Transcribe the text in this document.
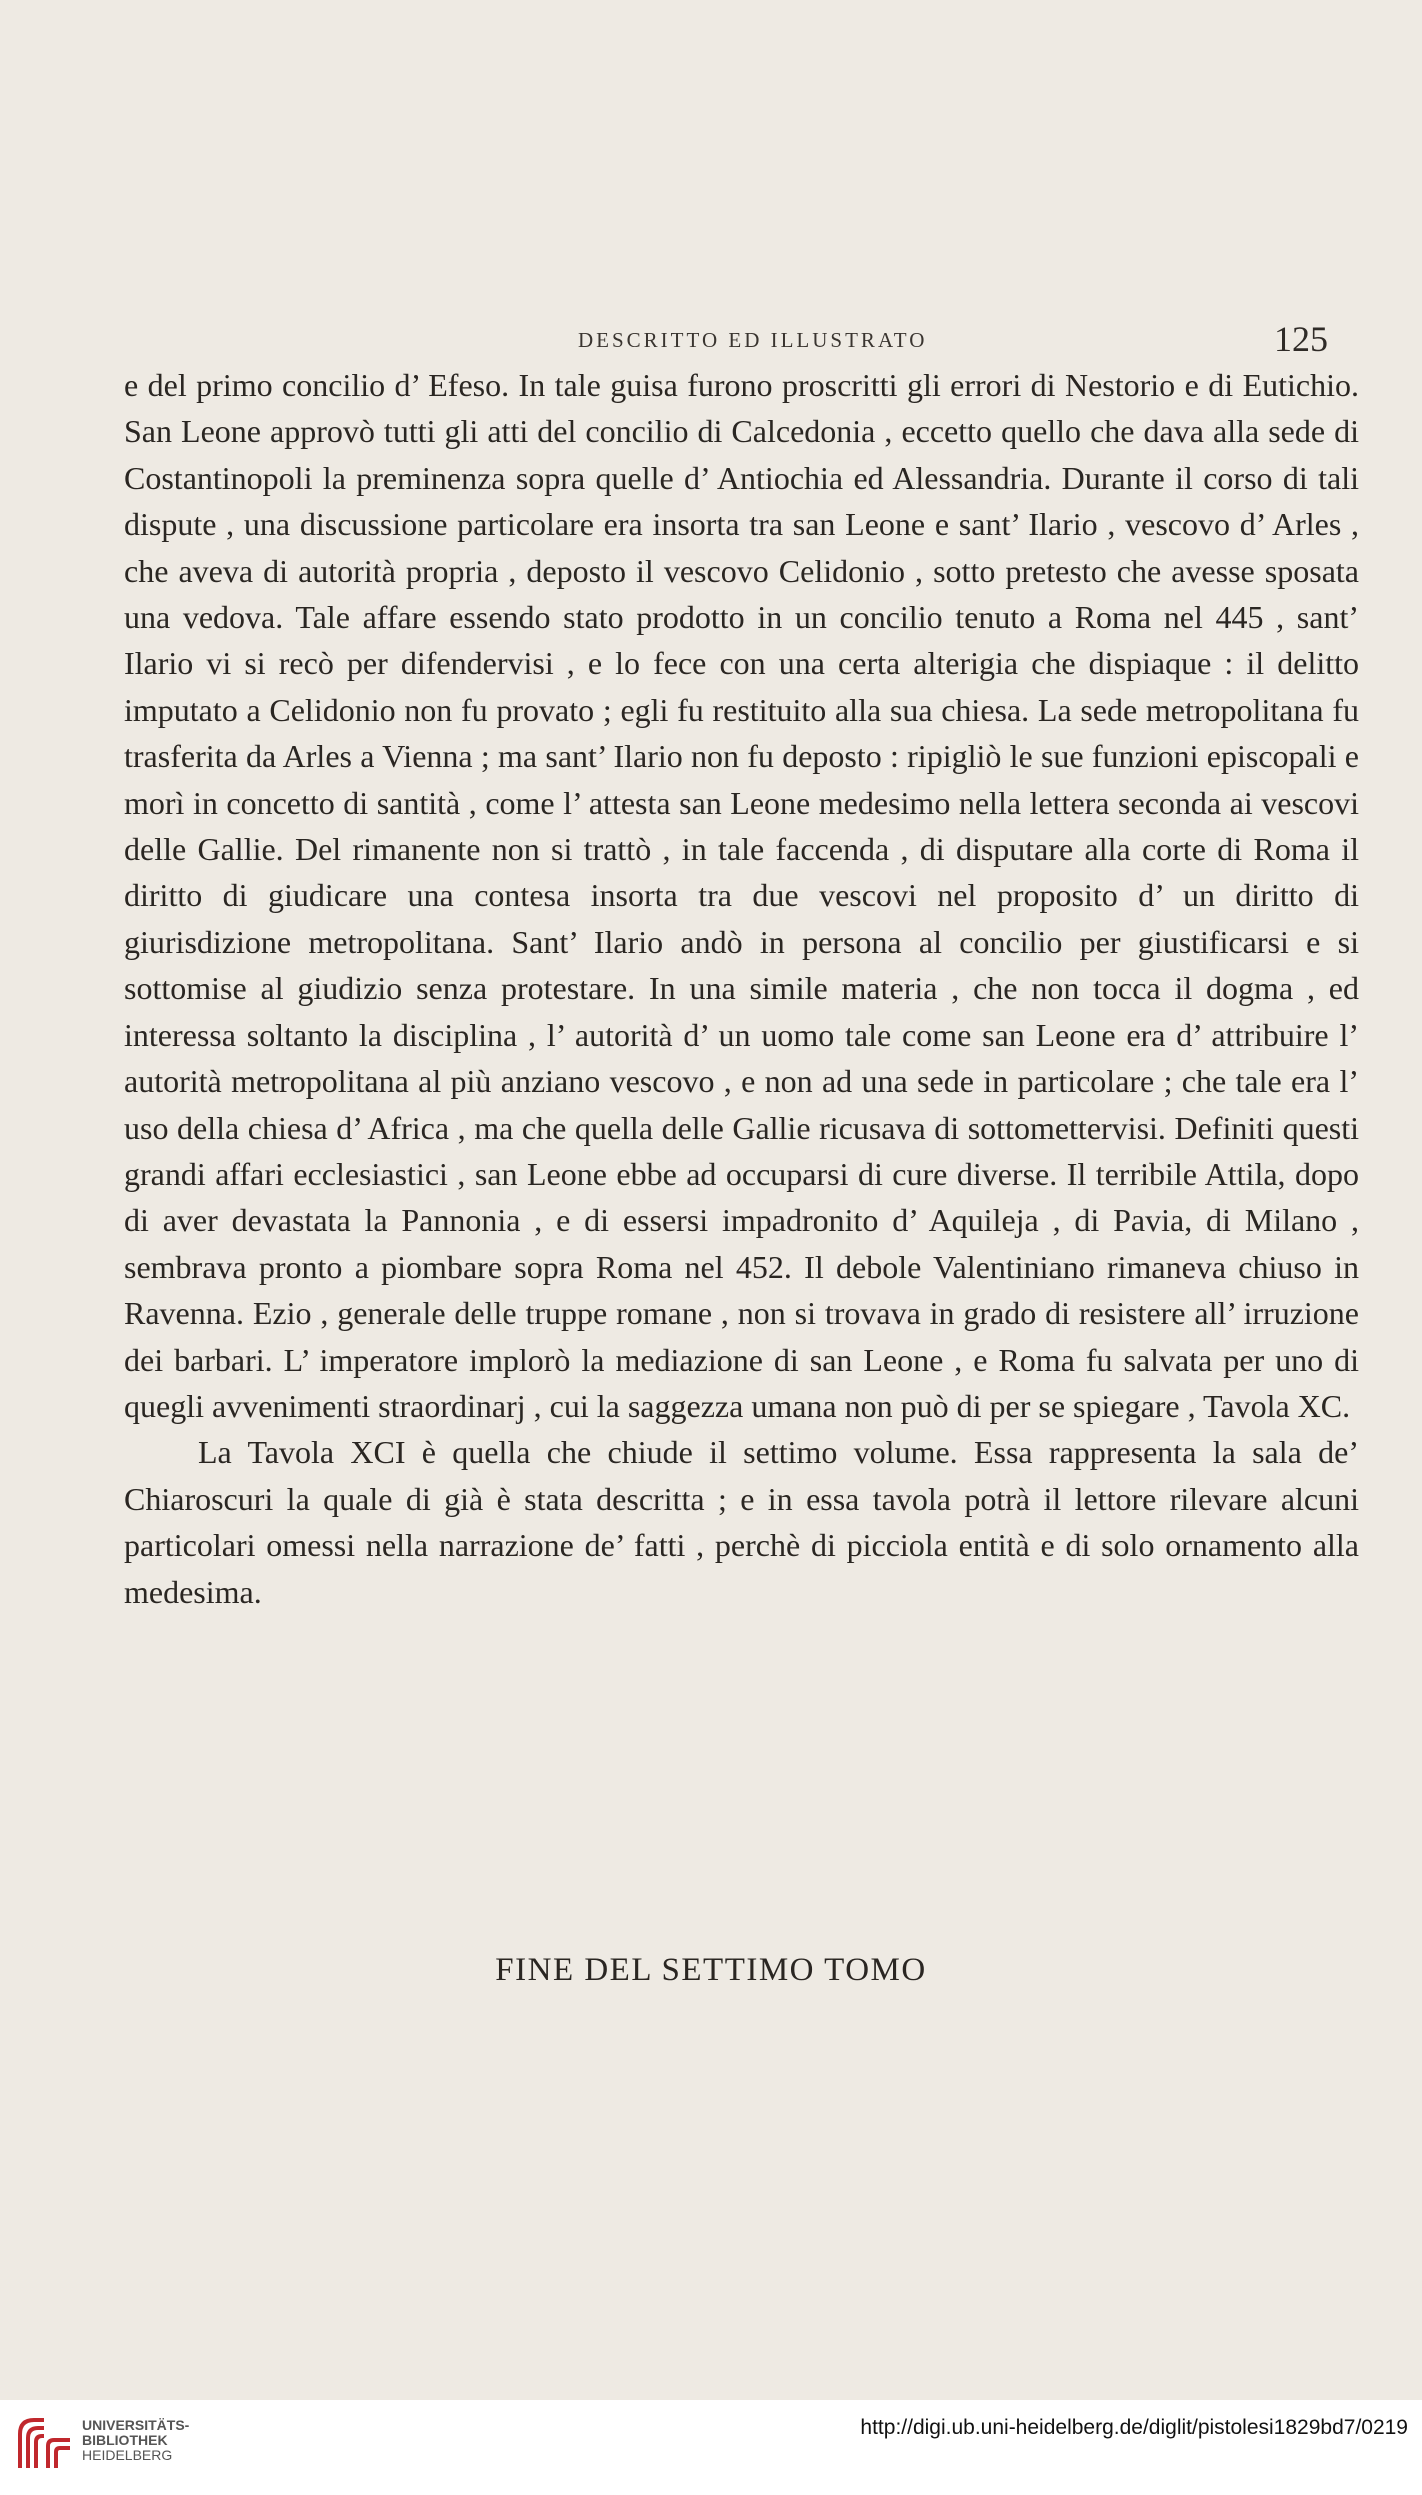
DESCRITTO ED ILLUSTRATO	125

e del primo concilio d’ Efeso. In tale guisa furono proscritti gli errori di Nestorio e di Eutichio. San Leone approvò tutti gli atti del concilio di Calcedonia , eccetto quello che dava alla sede di Costantinopoli la preminenza sopra quelle d’ Antiochia ed Alessandria. Durante il corso di tali dispute , una discussione particolare era insorta tra san Leone e sant’ Ilario , vescovo d’ Arles , che aveva di autorità propria , deposto il vescovo Celidonio , sotto pretesto che avesse sposata una vedova. Tale affare essendo stato prodotto in un concilio tenuto a Roma nel 445 , sant’ Ilario vi si recò per difendervisi , e lo fece con una certa alterigia che dispiaque : il delitto imputato a Celidonio non fu provato ; egli fu restituito alla sua chiesa. La sede metropolitana fu trasferita da Arles a Vienna ; ma sant’ Ilario non fu deposto : ripigliò le sue funzioni episcopali e morì in concetto di santità , come l’ attesta san Leone medesimo nella lettera seconda ai vescovi delle Gallie. Del rimanente non si trattò , in tale faccenda , di disputare alla corte di Roma il diritto di giudicare una contesa insorta tra due vescovi nel proposito d’ un diritto di giurisdizione metropolitana. Sant’ Ilario andò in persona al concilio per giustificarsi e si sottomise al giudizio senza protestare. In una simile materia , che non tocca il dogma , ed interessa soltanto la disciplina , l’ autorità d’ un uomo tale come san Leone era d’ attribuire l’ autorità metropolitana al più anziano vescovo , e non ad una sede in particolare ; che tale era l’ uso della chiesa d’ Africa , ma che quella delle Gallie ricusava di sottomettervisi. Definiti questi grandi affari ecclesiastici , san Leone ebbe ad occuparsi di cure diverse. Il terribile Attila, dopo di aver devastata la Pannonia , e di essersi impadronito d’ Aquileja , di Pavia, di Milano , sembrava pronto a piombare sopra Roma nel 452. Il debole Valentiniano rimaneva chiuso in Ravenna. Ezio , generale delle truppe romane , non si trovava in grado di resistere all’ irruzione dei barbari. L’ imperatore implorò la mediazione di san Leone , e Roma fu salvata per uno di quegli avvenimenti straordinarj , cui la saggezza umana non può di per se spiegare , Tavola XC.

La Tavola XCI è quella che chiude il settimo volume. Essa rappresenta la sala de’ Chiaroscuri la quale di già è stata descritta ; e in essa tavola potrà il lettore rilevare alcuni particolari omessi nella narrazione de’ fatti , perchè di picciola entità e di solo ornamento alla medesima.

FINE DEL SETTIMO TOMO
UNIVERSITÄTS-
BIBLIOTHEK
HEIDELBERG
http://digi.ub.uni-heidelberg.de/diglit/pistolesi1829bd7/0219
